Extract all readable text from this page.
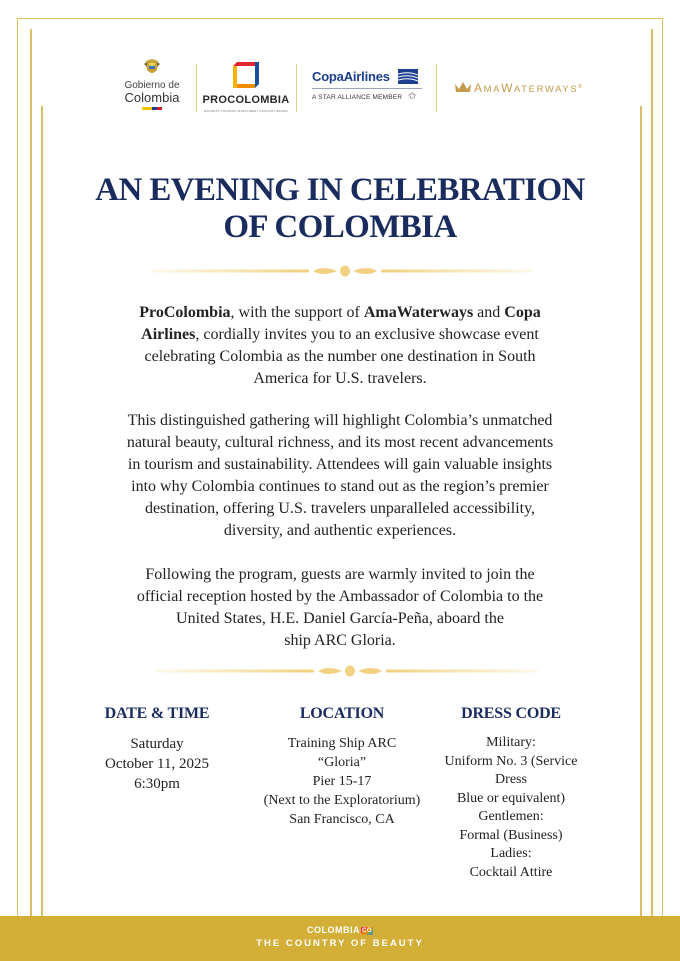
Gobierno de
Colombia	PROCOLOMBIA
EXPORTS TOURISM INVESTMENT COUNTRY BRAND
CopaAirlines
A STAR ALLIANCE MEMBER ✩
AMAWATERWAYS®
AN EVENING IN CELEBRATION
OF COLOMBIA
ProColombia, with the support of AmaWaterways and Copa
Airlines, cordially invites you to an exclusive showcase event
celebrating Colombia as the number one destination in South
America for U.S. travelers.
This distinguished gathering will highlight Colombia’s unmatched
natural beauty, cultural richness, and its most recent advancements
in tourism and sustainability. Attendees will gain valuable insights
into why Colombia continues to stand out as the region’s premier
destination, offering U.S. travelers unparalleled accessibility,
diversity, and authentic experiences.
Following the program, guests are warmly invited to join the
official reception hosted by the Ambassador of Colombia to the
United States, H.E. Daniel García-Peña, aboard the
ship ARC Gloria.
DATE & TIME
Saturday
October 11, 2025
6:30pm
LOCATION
Training Ship ARC
“Gloria”
Pier 15-17
(Next to the Exploratorium)
San Francisco, CA
DRESS CODE
Military:
Uniform No. 3 (Service Dress
Blue or equivalent)
Gentlemen:
Formal (Business)
Ladies:
Cocktail Attire
COLOMBIA CO
THE COUNTRY OF BEAUTY
